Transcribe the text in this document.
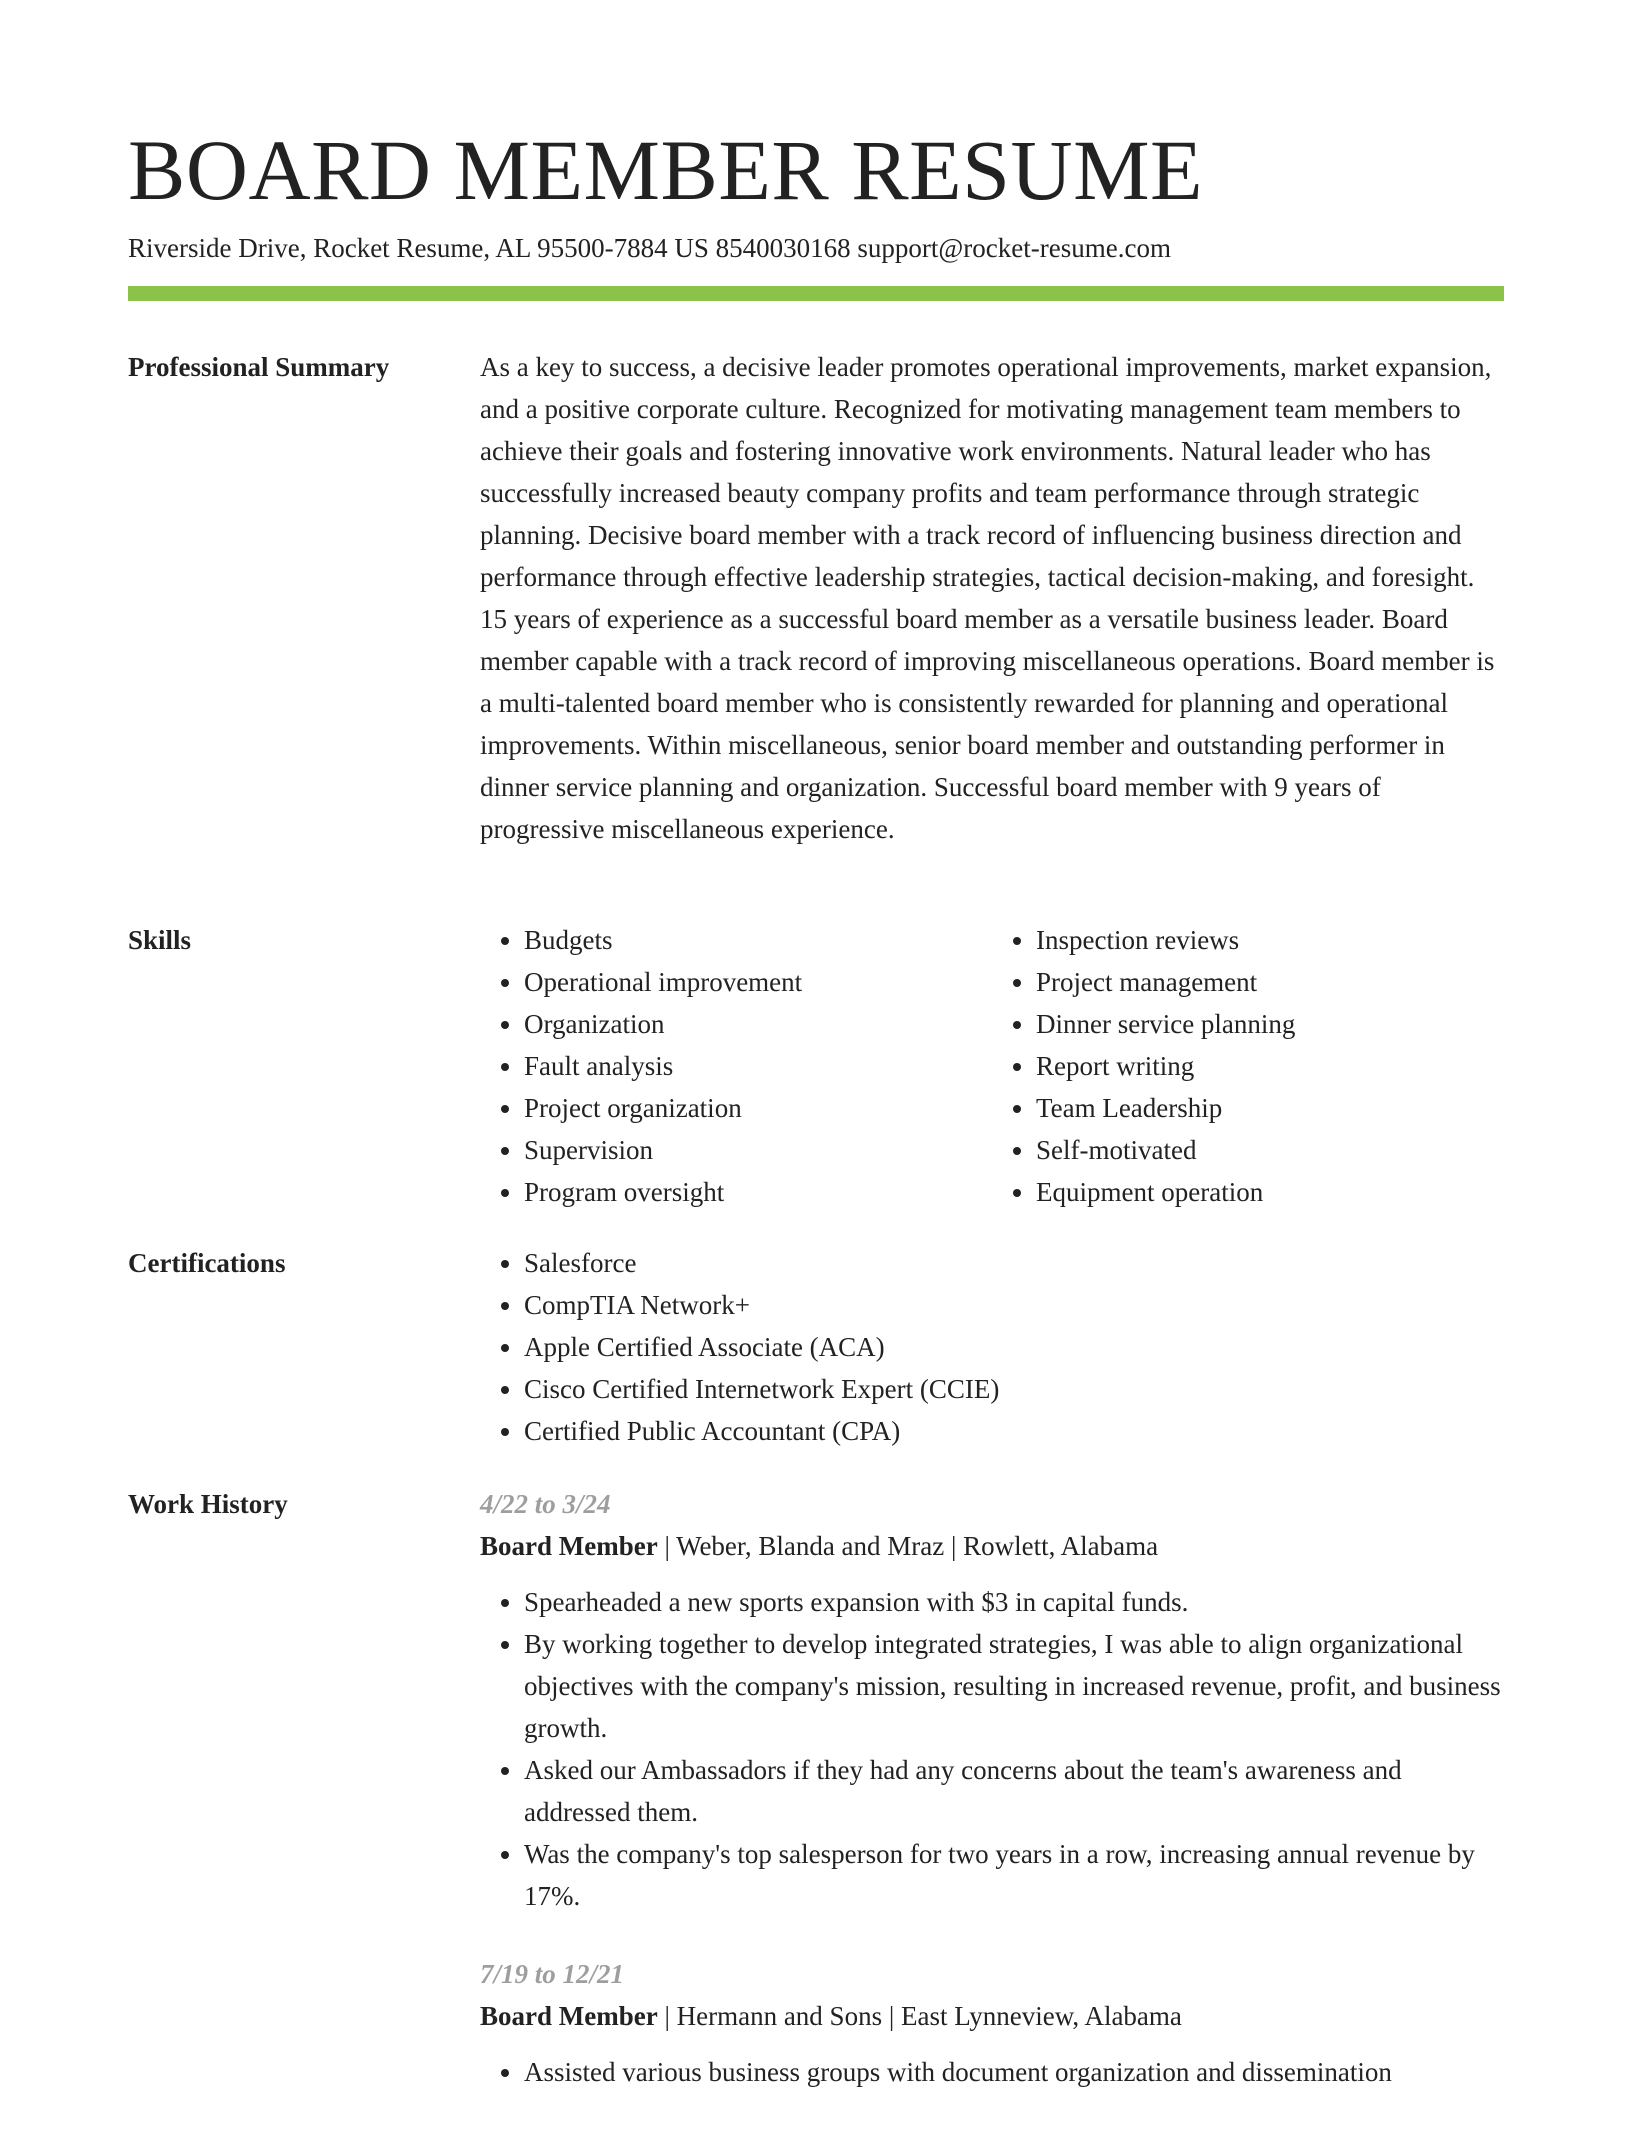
BOARD MEMBER RESUME
Riverside Drive, Rocket Resume, AL 95500-7884 US 8540030168 support@rocket-resume.com
Professional Summary	As a key to success, a decisive leader promotes operational improvements, market expansion, and a positive corporate culture. Recognized for motivating management team members to achieve their goals and fostering innovative work environments. Natural leader who has successfully increased beauty company profits and team performance through strategic planning. Decisive board member with a track record of influencing business direction and performance through effective leadership strategies, tactical decision-making, and foresight. 15 years of experience as a successful board member as a versatile business leader. Board member capable with a track record of improving miscellaneous operations. Board member is a multi-talented board member who is consistently rewarded for planning and operational improvements. Within miscellaneous, senior board member and outstanding performer in dinner service planning and organization. Successful board member with 9 years of progressive miscellaneous experience.

Skills	• Budgets
• Operational improvement
• Organization
• Fault analysis
• Project organization
• Supervision
• Program oversight
• Inspection reviews
• Project management
• Dinner service planning
• Report writing
• Team Leadership
• Self-motivated
• Equipment operation
Certifications	• Salesforce
• CompTIA Network+
• Apple Certified Associate (ACA)
• Cisco Certified Internetwork Expert (CCIE)
• Certified Public Accountant (CPA)
Work History	4/22 to 3/24
Board Member | Weber, Blanda and Mraz | Rowlett, Alabama
• Spearheaded a new sports expansion with $3 in capital funds.
• By working together to develop integrated strategies, I was able to align organizational objectives with the company's mission, resulting in increased revenue, profit, and business growth.
• Asked our Ambassadors if they had any concerns about the team's awareness and addressed them.
• Was the company's top salesperson for two years in a row, increasing annual revenue by 17%.
7/19 to 12/21
Board Member | Hermann and Sons | East Lynneview, Alabama
• Assisted various business groups with document organization and dissemination
